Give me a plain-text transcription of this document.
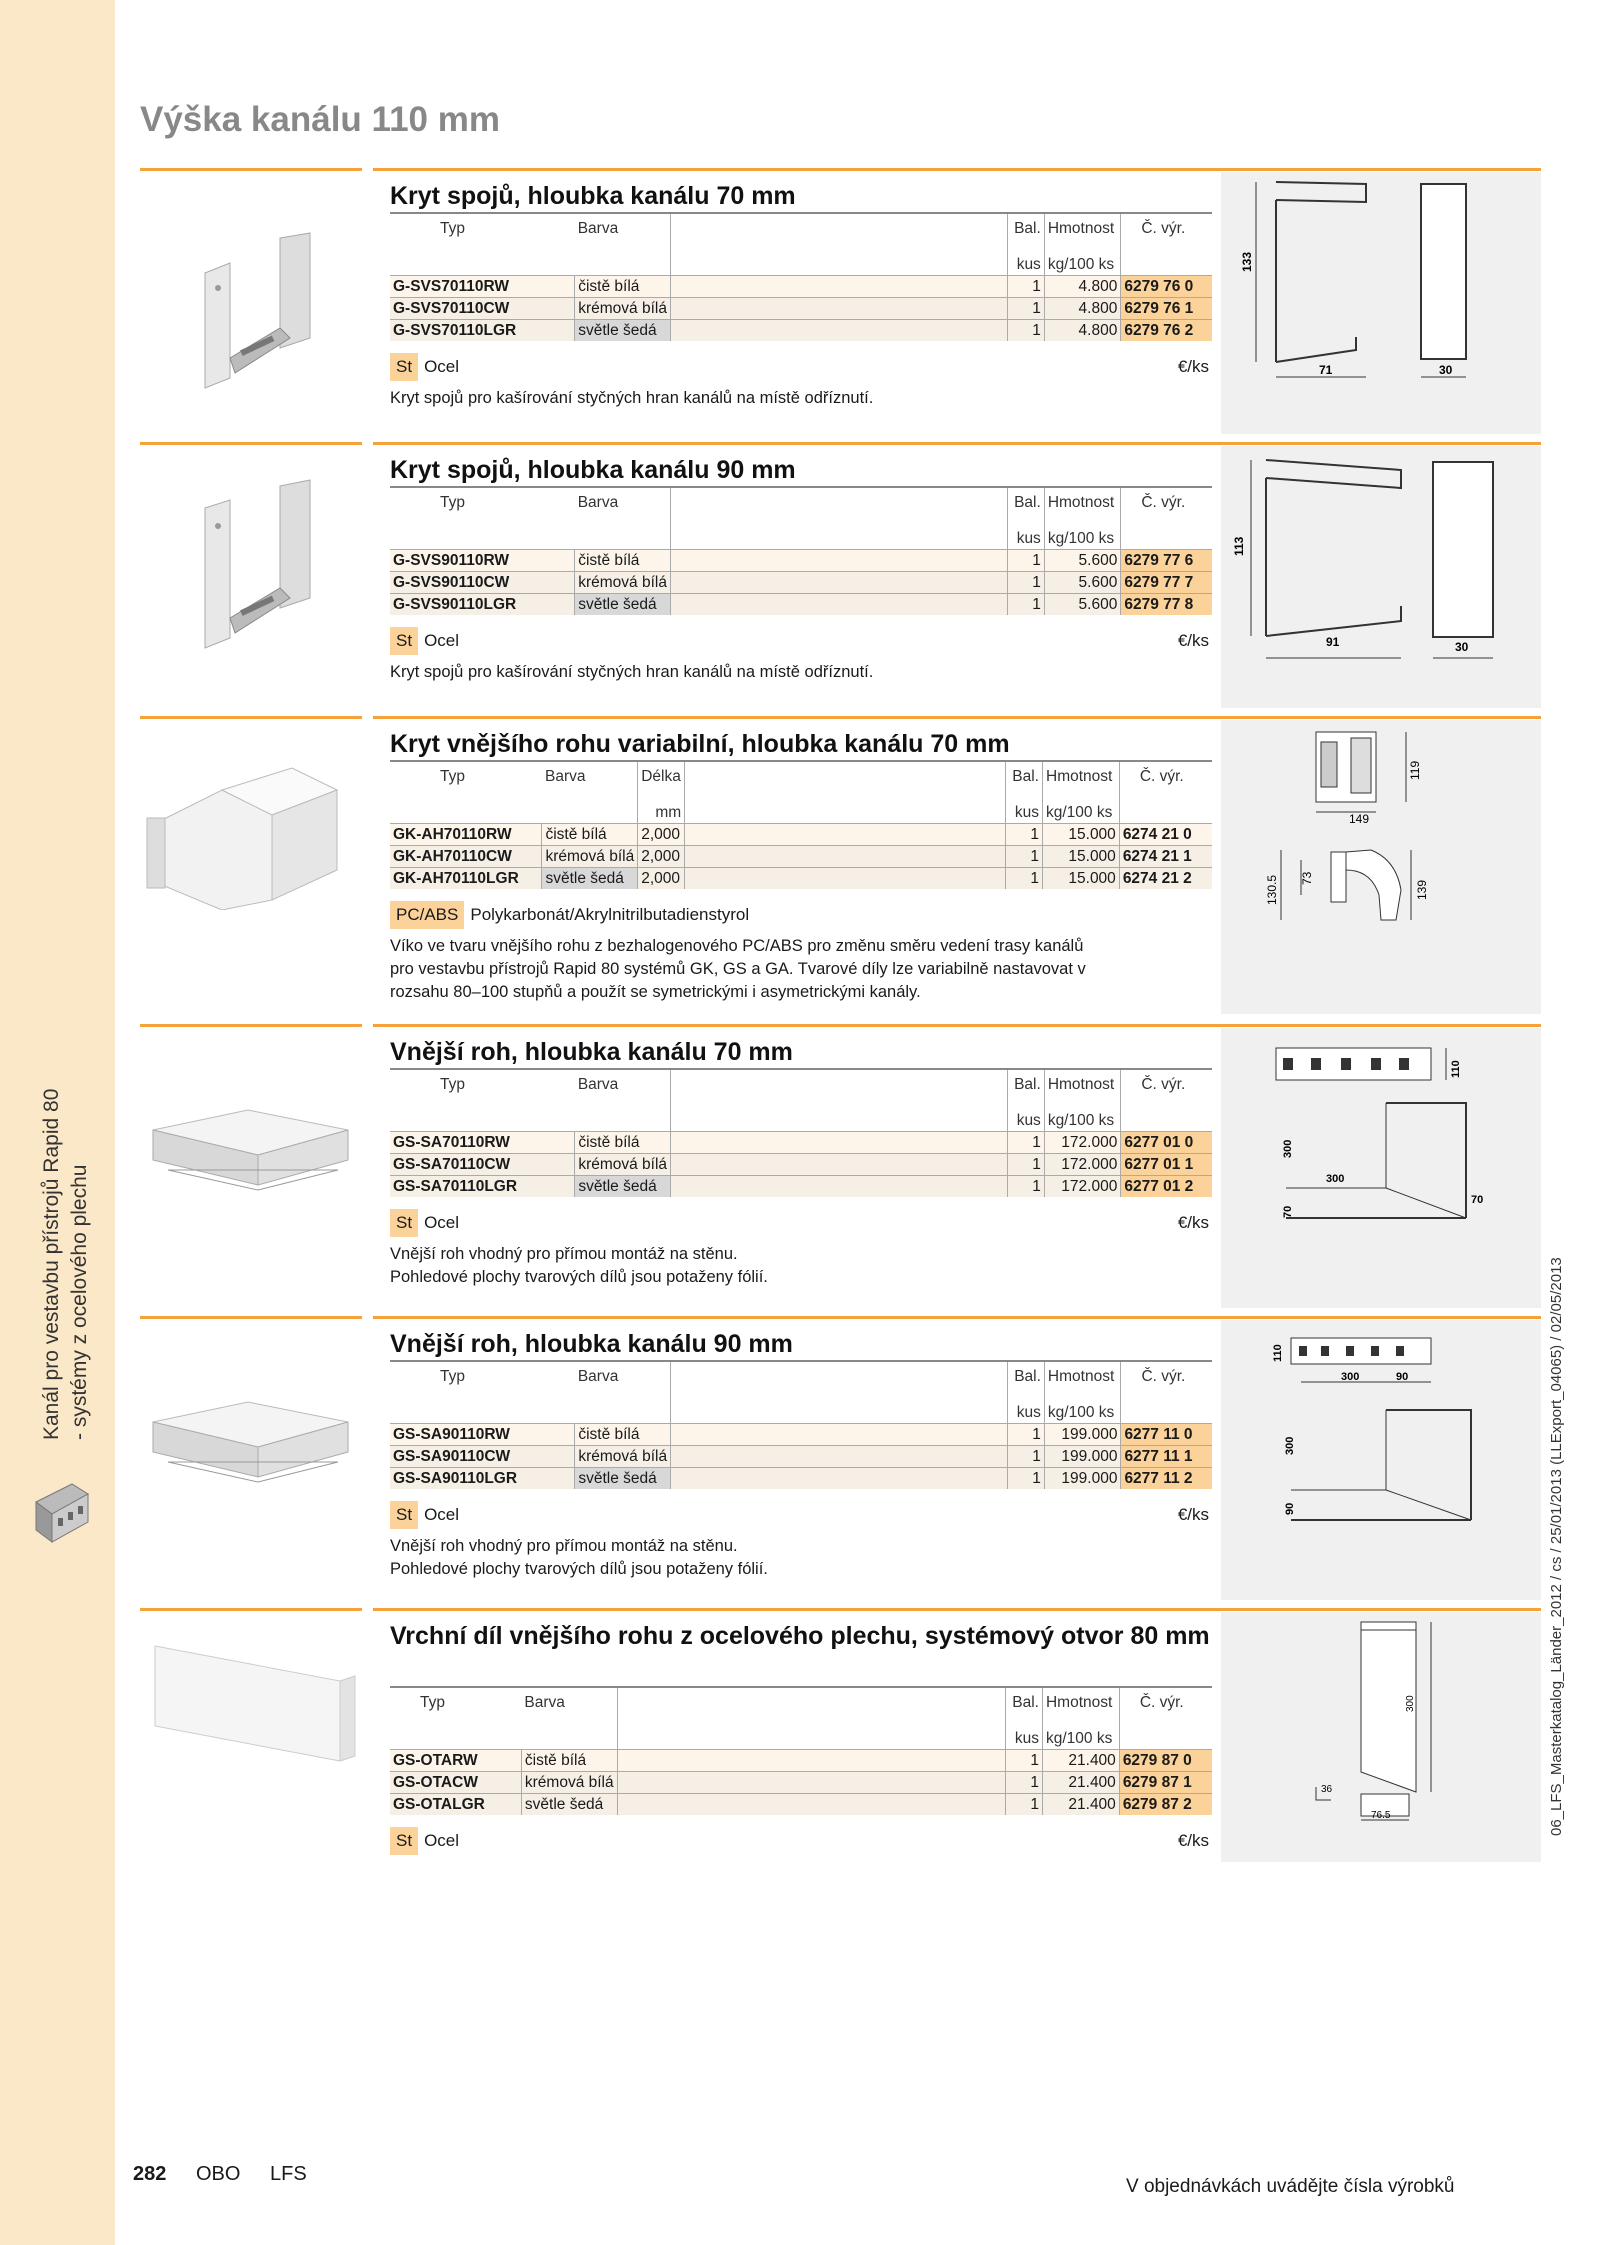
Kanál pro vestavbu přístrojů Rapid 80 - systémy z ocelového plechu	06_LFS_Masterkatalog_Länder_2012 / cs / 25/01/2013 (LLExport_04065) / 02/05/2013
Výška kanálu 110 mm
Kryt spojů, hloubka kanálu 70 mm
Typ	Barva		Bal.	Hmotnost	Č. výr.
			kus	kg/100 ks	
G-SVS70110RW	čistě bílá		1	4.800	6279 76 0
G-SVS70110CW	krémová bílá		1	4.800	6279 76 1
G-SVS70110LGR	světle šedá		1	4.800	6279 76 2
St Ocel	€/ks
Kryt spojů pro kašírování styčných hran kanálů na místě odříznutí.
133
71	30
Kryt spojů, hloubka kanálu 90 mm
Typ	Barva		Bal.	Hmotnost	Č. výr.
			kus	kg/100 ks	
G-SVS90110RW	čistě bílá		1	5.600	6279 77 6
G-SVS90110CW	krémová bílá		1	5.600	6279 77 7
G-SVS90110LGR	světle šedá		1	5.600	6279 77 8
St Ocel	€/ks
Kryt spojů pro kašírování styčných hran kanálů na místě odříznutí.
113
91	30
Kryt vnějšího rohu variabilní, hloubka kanálu 70 mm
Typ	Barva	Délka		Bal.	Hmotnost	Č. výr.
		mm		kus	kg/100 ks	
GK-AH70110RW	čistě bílá	2,000		1	15.000	6274 21 0
GK-AH70110CW	krémová bílá	2,000		1	15.000	6274 21 1
GK-AH70110LGR	světle šedá	2,000		1	15.000	6274 21 2
PC/ABS Polykarbonát/Akrylnitrilbutadienstyrol
Víko ve tvaru vnějšího rohu z bezhalogenového PC/ABS pro změnu směru vedení trasy kanálů
pro vestavbu přístrojů Rapid 80 systémů GK, GS a GA. Tvarové díly lze variabilně nastavovat v
rozsahu 80–100 stupňů a použít se symetrickými i asymetrickými kanály.
119
149
130.5 73
139
Vnější roh, hloubka kanálu 70 mm
Typ	Barva		Bal.	Hmotnost	Č. výr.
			kus	kg/100 ks	
GS-SA70110RW	čistě bílá		1	172.000	6277 01 0
GS-SA70110CW	krémová bílá		1	172.000	6277 01 1
GS-SA70110LGR	světle šedá		1	172.000	6277 01 2
St Ocel	€/ks
Vnější roh vhodný pro přímou montáž na stěnu.
Pohledové plochy tvarových dílů jsou potaženy fólií.
110
300
300
70
70
Vnější roh, hloubka kanálu 90 mm
Typ	Barva		Bal.	Hmotnost	Č. výr.
			kus	kg/100 ks	
GS-SA90110RW	čistě bílá		1	199.000	6277 11 0
GS-SA90110CW	krémová bílá		1	199.000	6277 11 1
GS-SA90110LGR	světle šedá		1	199.000	6277 11 2
St Ocel	€/ks
Vnější roh vhodný pro přímou montáž na stěnu.
Pohledové plochy tvarových dílů jsou potaženy fólií.
110
300	90
300
90
Vrchní díl vnějšího rohu z ocelového plechu, systémový otvor 80 mm
Typ	Barva		Bal.	Hmotnost	Č. výr.
			kus	kg/100 ks	
GS-OTARW	čistě bílá		1	21.400	6279 87 0
GS-OTACW	krémová bílá		1	21.400	6279 87 1
GS-OTALGR	světle šedá		1	21.400	6279 87 2
St Ocel	€/ks
300
36
76.5
282 OBO LFS
V objednávkách uvádějte čísla výrobků
